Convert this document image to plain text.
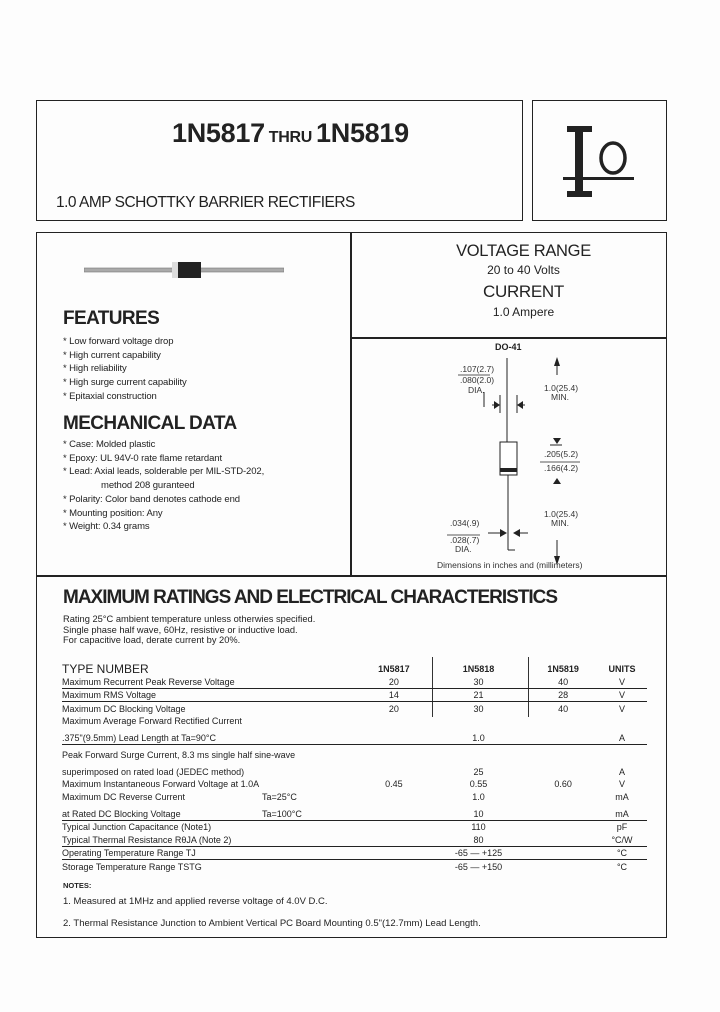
1N5817 THRU 1N5819
1.0 AMP SCHOTTKY BARRIER RECTIFIERS
FEATURES
* Low forward voltage drop
* High current capability
* High reliability
* High surge current capability
* Epitaxial construction
MECHANICAL DATA
* Case: Molded plastic
* Epoxy: UL 94V-0 rate flame retardant
* Lead: Axial leads, solderable per MIL-STD-202,
method 208 guranteed
* Polarity: Color band denotes cathode end
* Mounting position: Any
* Weight: 0.34 grams
VOLTAGE RANGE
20 to 40 Volts
CURRENT
1.0 Ampere
DO-41
.107(2.7)
.080(2.0)
DIA.	1.0(25.4)
MIN.
.205(5.2)
.166(4.2)
.034(.9)
.028(.7)
DIA.
1.0(25.4)
MIN.
Dimensions in inches and (millimeters)
MAXIMUM RATINGS AND ELECTRICAL CHARACTERISTICS
Rating 25°C ambient temperature unless otherwies specified.
Single phase half wave, 60Hz, resistive or inductive load.
For capacitive load, derate current by 20%.
TYPE NUMBER	1N5817	1N5818	1N5819	UNITS
Maximum Recurrent Peak Reverse Voltage	20	30	40	V
Maximum RMS Voltage	14	21	28	V
Maximum DC Blocking Voltage	20	30	40	V
Maximum Average Forward Rectified Current				
.375"(9.5mm) Lead Length at Ta=90°C		1.0		A
Peak Forward Surge Current, 8.3 ms single half sine-wave				
superimposed on rated load (JEDEC method)		25		A
Maximum Instantaneous Forward Voltage at 1.0A	0.45	0.55	0.60	V
Maximum DC Reverse Current Ta=25°C		1.0		mA
at Rated DC Blocking Voltage Ta=100°C		10		mA
Typical Junction Capacitance (Note1)		110		pF
Typical Thermal Resistance RθJA (Note 2)		80		°C/W
Operating Temperature Range TJ		-65 — +125		°C
Storage Temperature Range TSTG		-65 — +150		°C
NOTES:
1. Measured at 1MHz and applied reverse voltage of 4.0V D.C.
2. Thermal Resistance Junction to Ambient Vertical PC Board Mounting 0.5"(12.7mm) Lead Length.
